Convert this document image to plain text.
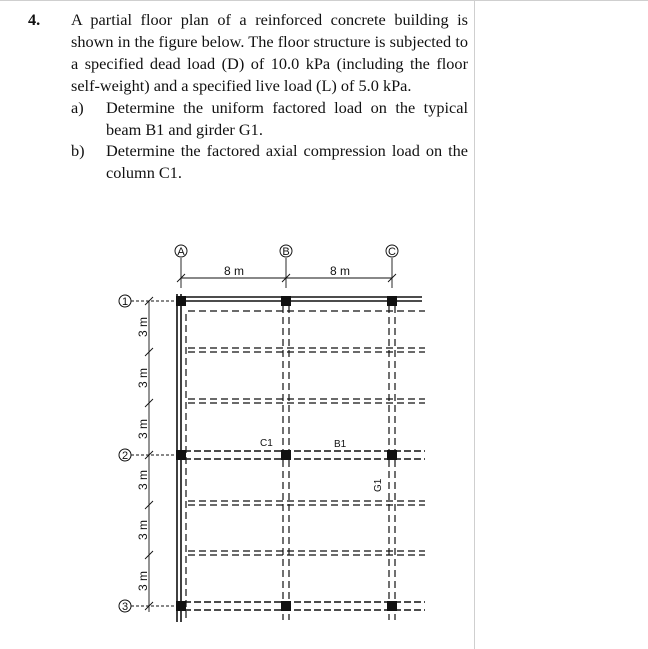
4. A partial floor plan of a reinforced concrete building is shown in the figure below. The floor structure is subjected to a specified dead load (D) of 10.0 kPa (including the floor self-weight) and a specified live load (L) of 5.0 kPa.
a) Determine the uniform factored load on the typical beam B1 and girder G1.
b) Determine the factored axial compression load on the column C1.
A	B	C
1
2
3
8 m	8 m
3 m
3 m
3 m
3 m
3 m
3 m
C1	B1
G1
